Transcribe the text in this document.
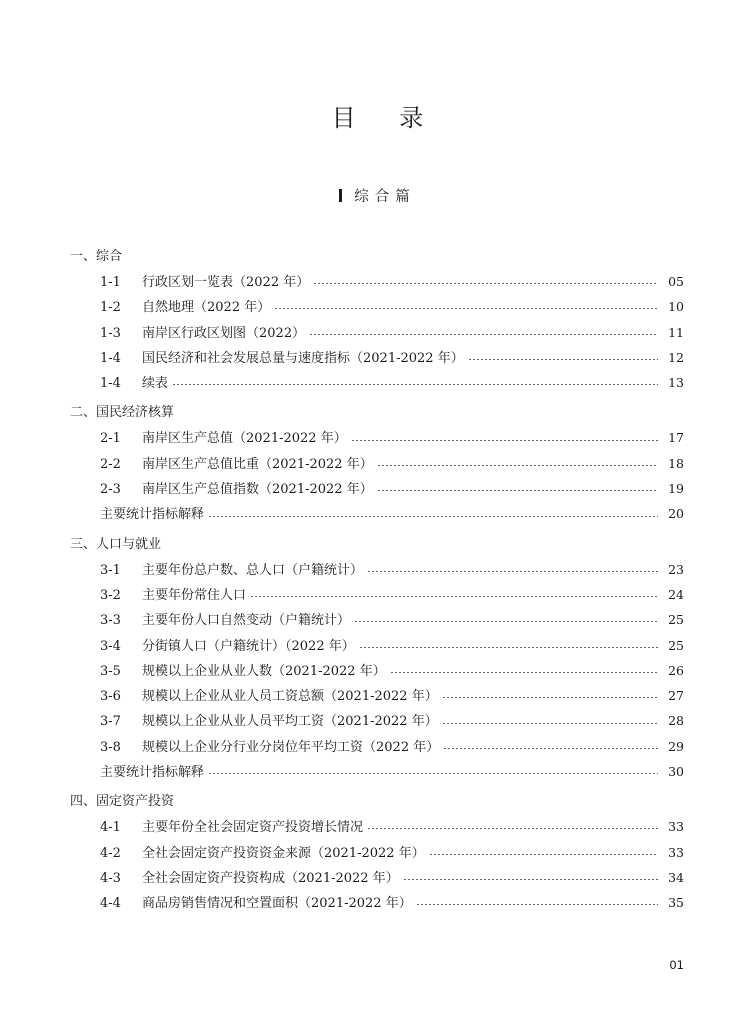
目 录
综合篇
一、综合
1-1	行政区划一览表（2022 年）	05
1-2	自然地理（2022 年）	10
1-3	南岸区行政区划图（2022）	11
1-4	国民经济和社会发展总量与速度指标（2021-2022 年）	12
1-4	续表	13
二、国民经济核算
2-1	南岸区生产总值（2021-2022 年）	17
2-2	南岸区生产总值比重（2021-2022 年）	18
2-3	南岸区生产总值指数（2021-2022 年）	19
主要统计指标解释	20
三、人口与就业
3-1	主要年份总户数、总人口（户籍统计）	23
3-2	主要年份常住人口	24
3-3	主要年份人口自然变动（户籍统计）	25
3-4	分街镇人口（户籍统计）（2022 年）	25
3-5	规模以上企业从业人数（2021-2022 年）	26
3-6	规模以上企业从业人员工资总额（2021-2022 年）	27
3-7	规模以上企业从业人员平均工资（2021-2022 年）	28
3-8	规模以上企业分行业分岗位年平均工资（2022 年）	29
主要统计指标解释	30
四、固定资产投资
4-1	主要年份全社会固定资产投资增长情况	33
4-2	全社会固定资产投资资金来源（2021-2022 年）	33
4-3	全社会固定资产投资构成（2021-2022 年）	34
4-4	商品房销售情况和空置面积（2021-2022 年）	35
01
